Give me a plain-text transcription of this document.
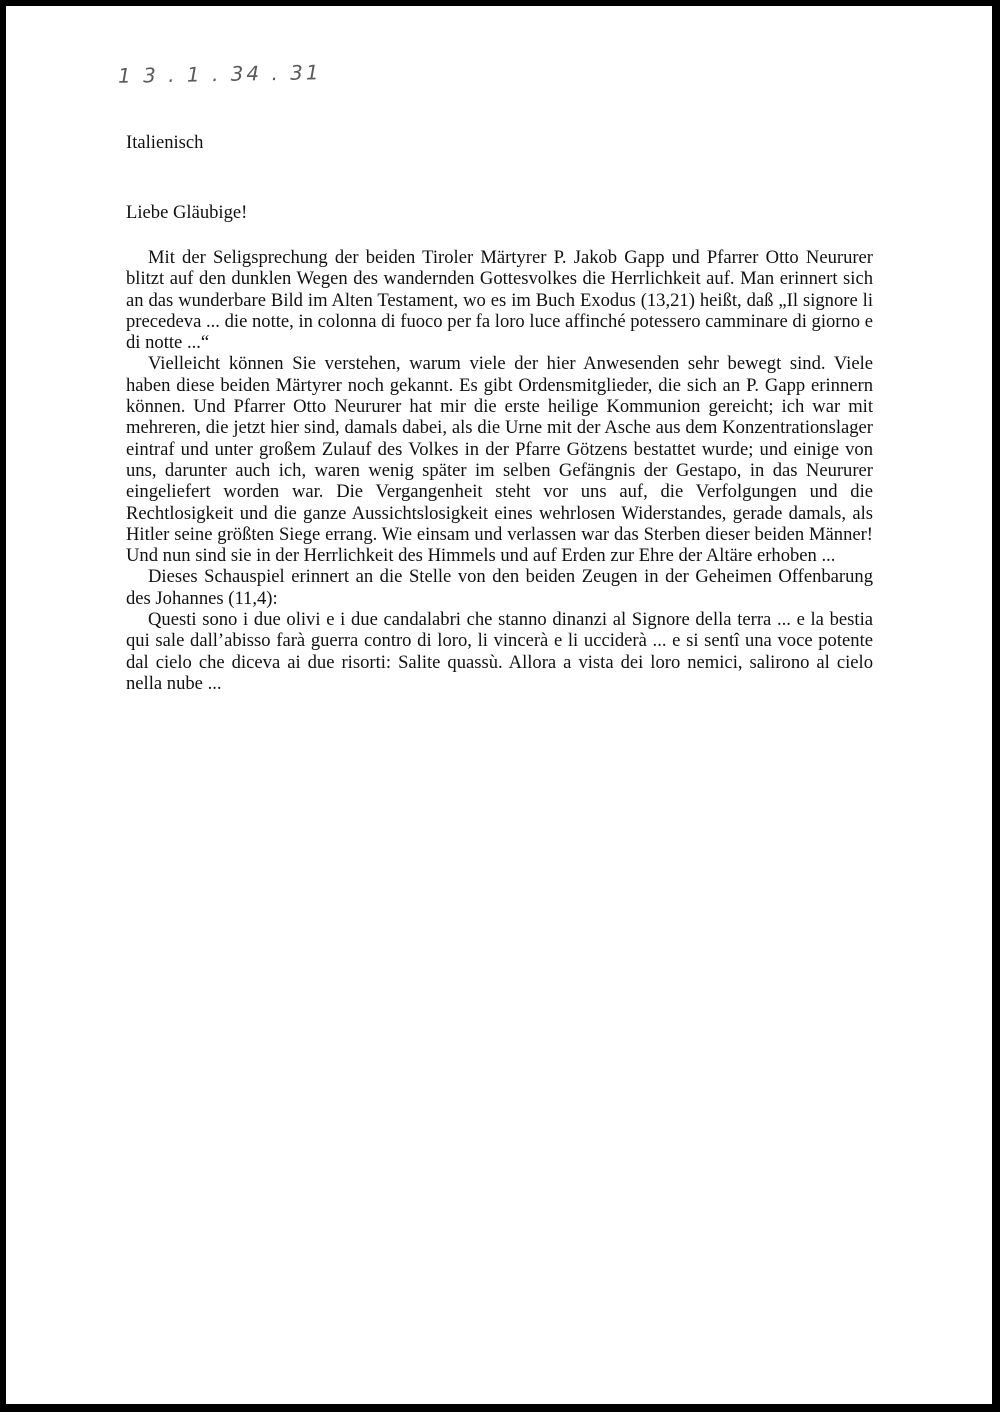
1 3 . 1 . 34 . 31
Italienisch
Liebe Gläubige!

Mit der Seligsprechung der beiden Tiroler Märtyrer P. Jakob Gapp und Pfarrer Otto Neururer blitzt auf den dunklen Wegen des wandernden Gottesvolkes die Herrlichkeit auf. Man erinnert sich an das wunderbare Bild im Alten Testament, wo es im Buch Exodus (13,21) heißt, daß „Il signore li precedeva ... die notte, in colonna di fuoco per fa loro luce affinché potessero camminare di giorno e di notte ...“

Vielleicht können Sie verstehen, warum viele der hier Anwesenden sehr bewegt sind. Viele haben diese beiden Märtyrer noch gekannt. Es gibt Ordensmitglieder, die sich an P. Gapp erinnern können. Und Pfarrer Otto Neururer hat mir die erste heilige Kommunion gereicht; ich war mit mehreren, die jetzt hier sind, damals dabei, als die Urne mit der Asche aus dem Konzentrationslager eintraf und unter großem Zulauf des Volkes in der Pfarre Götzens bestattet wurde; und einige von uns, darunter auch ich, waren wenig später im selben Gefängnis der Gestapo, in das Neururer eingeliefert worden war. Die Vergangenheit steht vor uns auf, die Verfolgungen und die Rechtlosigkeit und die ganze Aussichtslosigkeit eines wehrlosen Widerstandes, gerade damals, als Hitler seine größten Siege errang. Wie einsam und verlassen war das Sterben dieser beiden Männer! Und nun sind sie in der Herrlichkeit des Himmels und auf Erden zur Ehre der Altäre erhoben ...

Dieses Schauspiel erinnert an die Stelle von den beiden Zeugen in der Geheimen Offenbarung des Johannes (11,4):

Questi sono i due olivi e i due candalabri che stanno dinanzi al Signore della terra ... e la bestia qui sale dall’abisso farà guerra contro di loro, li vincerà e li ucciderà ... e si sentî una voce potente dal cielo che diceva ai due risorti: Salite quassù. Allora a vista dei loro nemici, salirono al cielo nella nube ...
